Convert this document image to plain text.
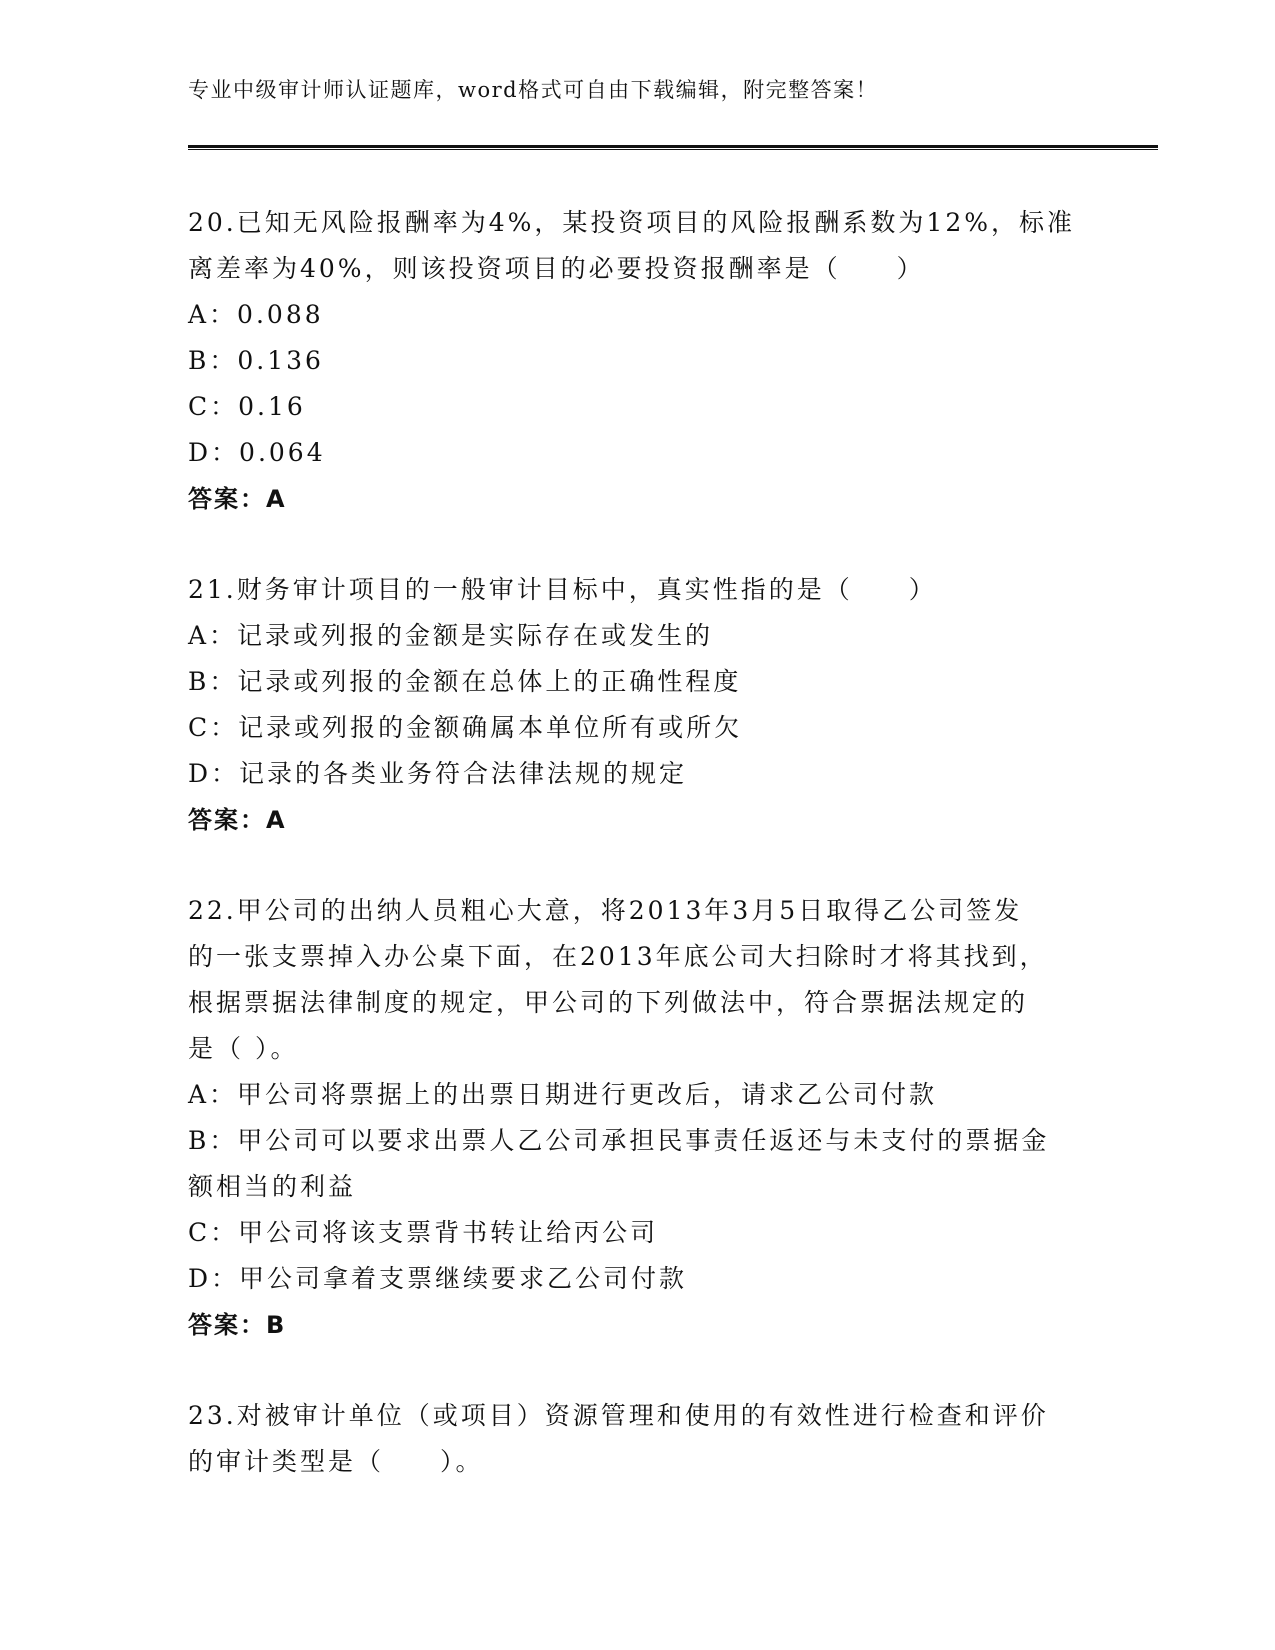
专业中级审计师认证题库，word格式可自由下载编辑，附完整答案！
20.已知无风险报酬率为4%，某投资项目的风险报酬系数为12%，标准
离差率为40%，则该投资项目的必要投资报酬率是（　　）
A：0.088
B：0.136
C：0.16
D：0.064
答案：A
21.财务审计项目的一般审计目标中，真实性指的是（　　）
A：记录或列报的金额是实际存在或发生的
B：记录或列报的金额在总体上的正确性程度
C：记录或列报的金额确属本单位所有或所欠
D：记录的各类业务符合法律法规的规定
答案：A
22.甲公司的出纳人员粗心大意，将2013年3月5日取得乙公司签发
的一张支票掉入办公桌下面，在2013年底公司大扫除时才将其找到，
根据票据法律制度的规定，甲公司的下列做法中，符合票据法规定的
是（ ）。
A：甲公司将票据上的出票日期进行更改后，请求乙公司付款
B：甲公司可以要求出票人乙公司承担民事责任返还与未支付的票据金
额相当的利益
C：甲公司将该支票背书转让给丙公司
D：甲公司拿着支票继续要求乙公司付款
答案：B
23.对被审计单位（或项目）资源管理和使用的有效性进行检查和评价
的审计类型是（　　）。
